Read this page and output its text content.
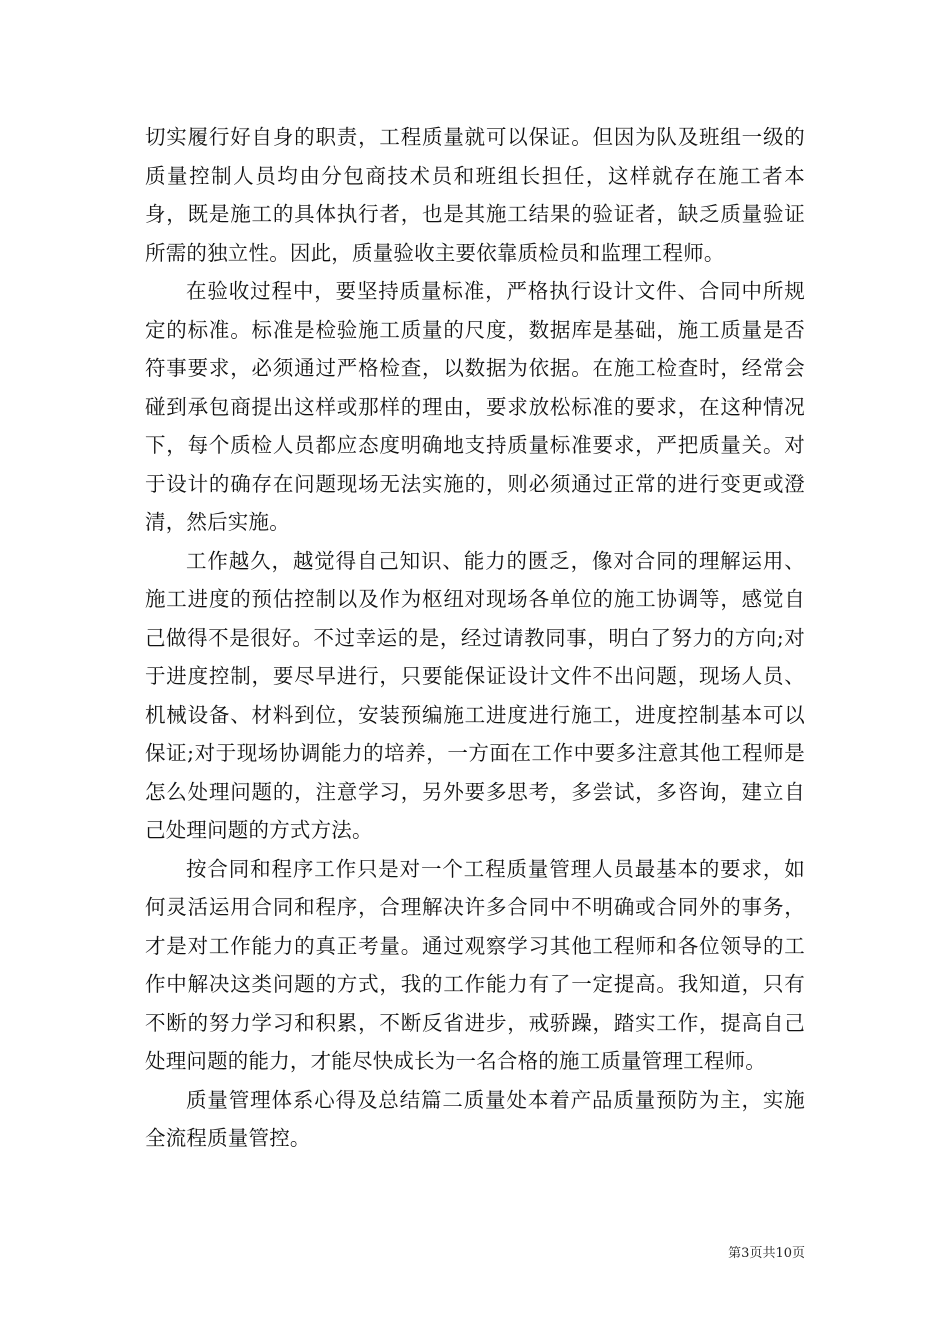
切实履行好自身的职责，工程质量就可以保证。但因为队及班组一级的质量控制人员均由分包商技术员和班组长担任，这样就存在施工者本身，既是施工的具体执行者，也是其施工结果的验证者，缺乏质量验证所需的独立性。因此，质量验收主要依靠质检员和监理工程师。

在验收过程中，要坚持质量标准，严格执行设计文件、合同中所规定的标准。标准是检验施工质量的尺度，数据库是基础，施工质量是否符事要求，必须通过严格检查，以数据为依据。在施工检查时，经常会碰到承包商提出这样或那样的理由，要求放松标准的要求，在这种情况下，每个质检人员都应态度明确地支持质量标准要求，严把质量关。对于设计的确存在问题现场无法实施的，则必须通过正常的进行变更或澄清，然后实施。

工作越久，越觉得自己知识、能力的匮乏，像对合同的理解运用、施工进度的预估控制以及作为枢纽对现场各单位的施工协调等，感觉自己做得不是很好。不过幸运的是，经过请教同事，明白了努力的方向;对于进度控制，要尽早进行，只要能保证设计文件不出问题，现场人员、机械设备、材料到位，安装预编施工进度进行施工，进度控制基本可以保证;对于现场协调能力的培养，一方面在工作中要多注意其他工程师是怎么处理问题的，注意学习，另外要多思考，多尝试，多咨询，建立自己处理问题的方式方法。

按合同和程序工作只是对一个工程质量管理人员最基本的要求，如何灵活运用合同和程序，合理解决许多合同中不明确或合同外的事务，才是对工作能力的真正考量。通过观察学习其他工程师和各位领导的工作中解决这类问题的方式，我的工作能力有了一定提高。我知道，只有不断的努力学习和积累，不断反省进步，戒骄躁，踏实工作，提高自己处理问题的能力，才能尽快成长为一名合格的施工质量管理工程师。

质量管理体系心得及总结篇二质量处本着产品质量预防为主，实施全流程质量管控。

第3页共10页
